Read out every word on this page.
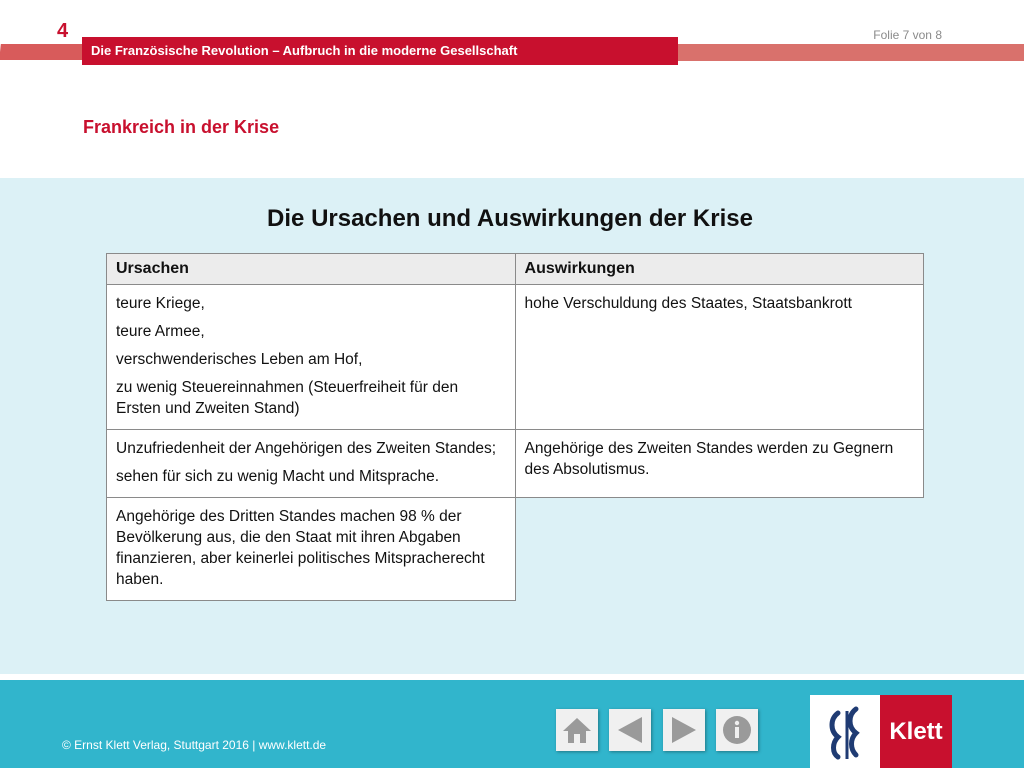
4	Folie 7 von 8
Die Französische Revolution – Aufbruch in die moderne Gesellschaft
Frankreich in der Krise
Die Ursachen und Auswirkungen der Krise
Ursachen	Auswirkungen

teure Kriege,

teure Armee,

verschwenderisches Leben am Hof,

zu wenig Steuereinnahmen (Steuerfreiheit für den Ersten und Zweiten Stand)	hohe Verschuldung des Staates, Staatsbankrott

Unzufriedenheit der Angehörigen des Zweiten Standes;

sehen für sich zu wenig Macht und Mitsprache.	Angehörige des Zweiten Standes werden zu Gegnern des Absolutismus.

Angehörige des Dritten Standes machen 98 % der Bevölkerung aus, die den Staat mit ihren Abgaben finanzieren, aber keinerlei politisches Mitspracherecht haben.	

© Ernst Klett Verlag, Stuttgart 2016 | www.klett.de	Klett
